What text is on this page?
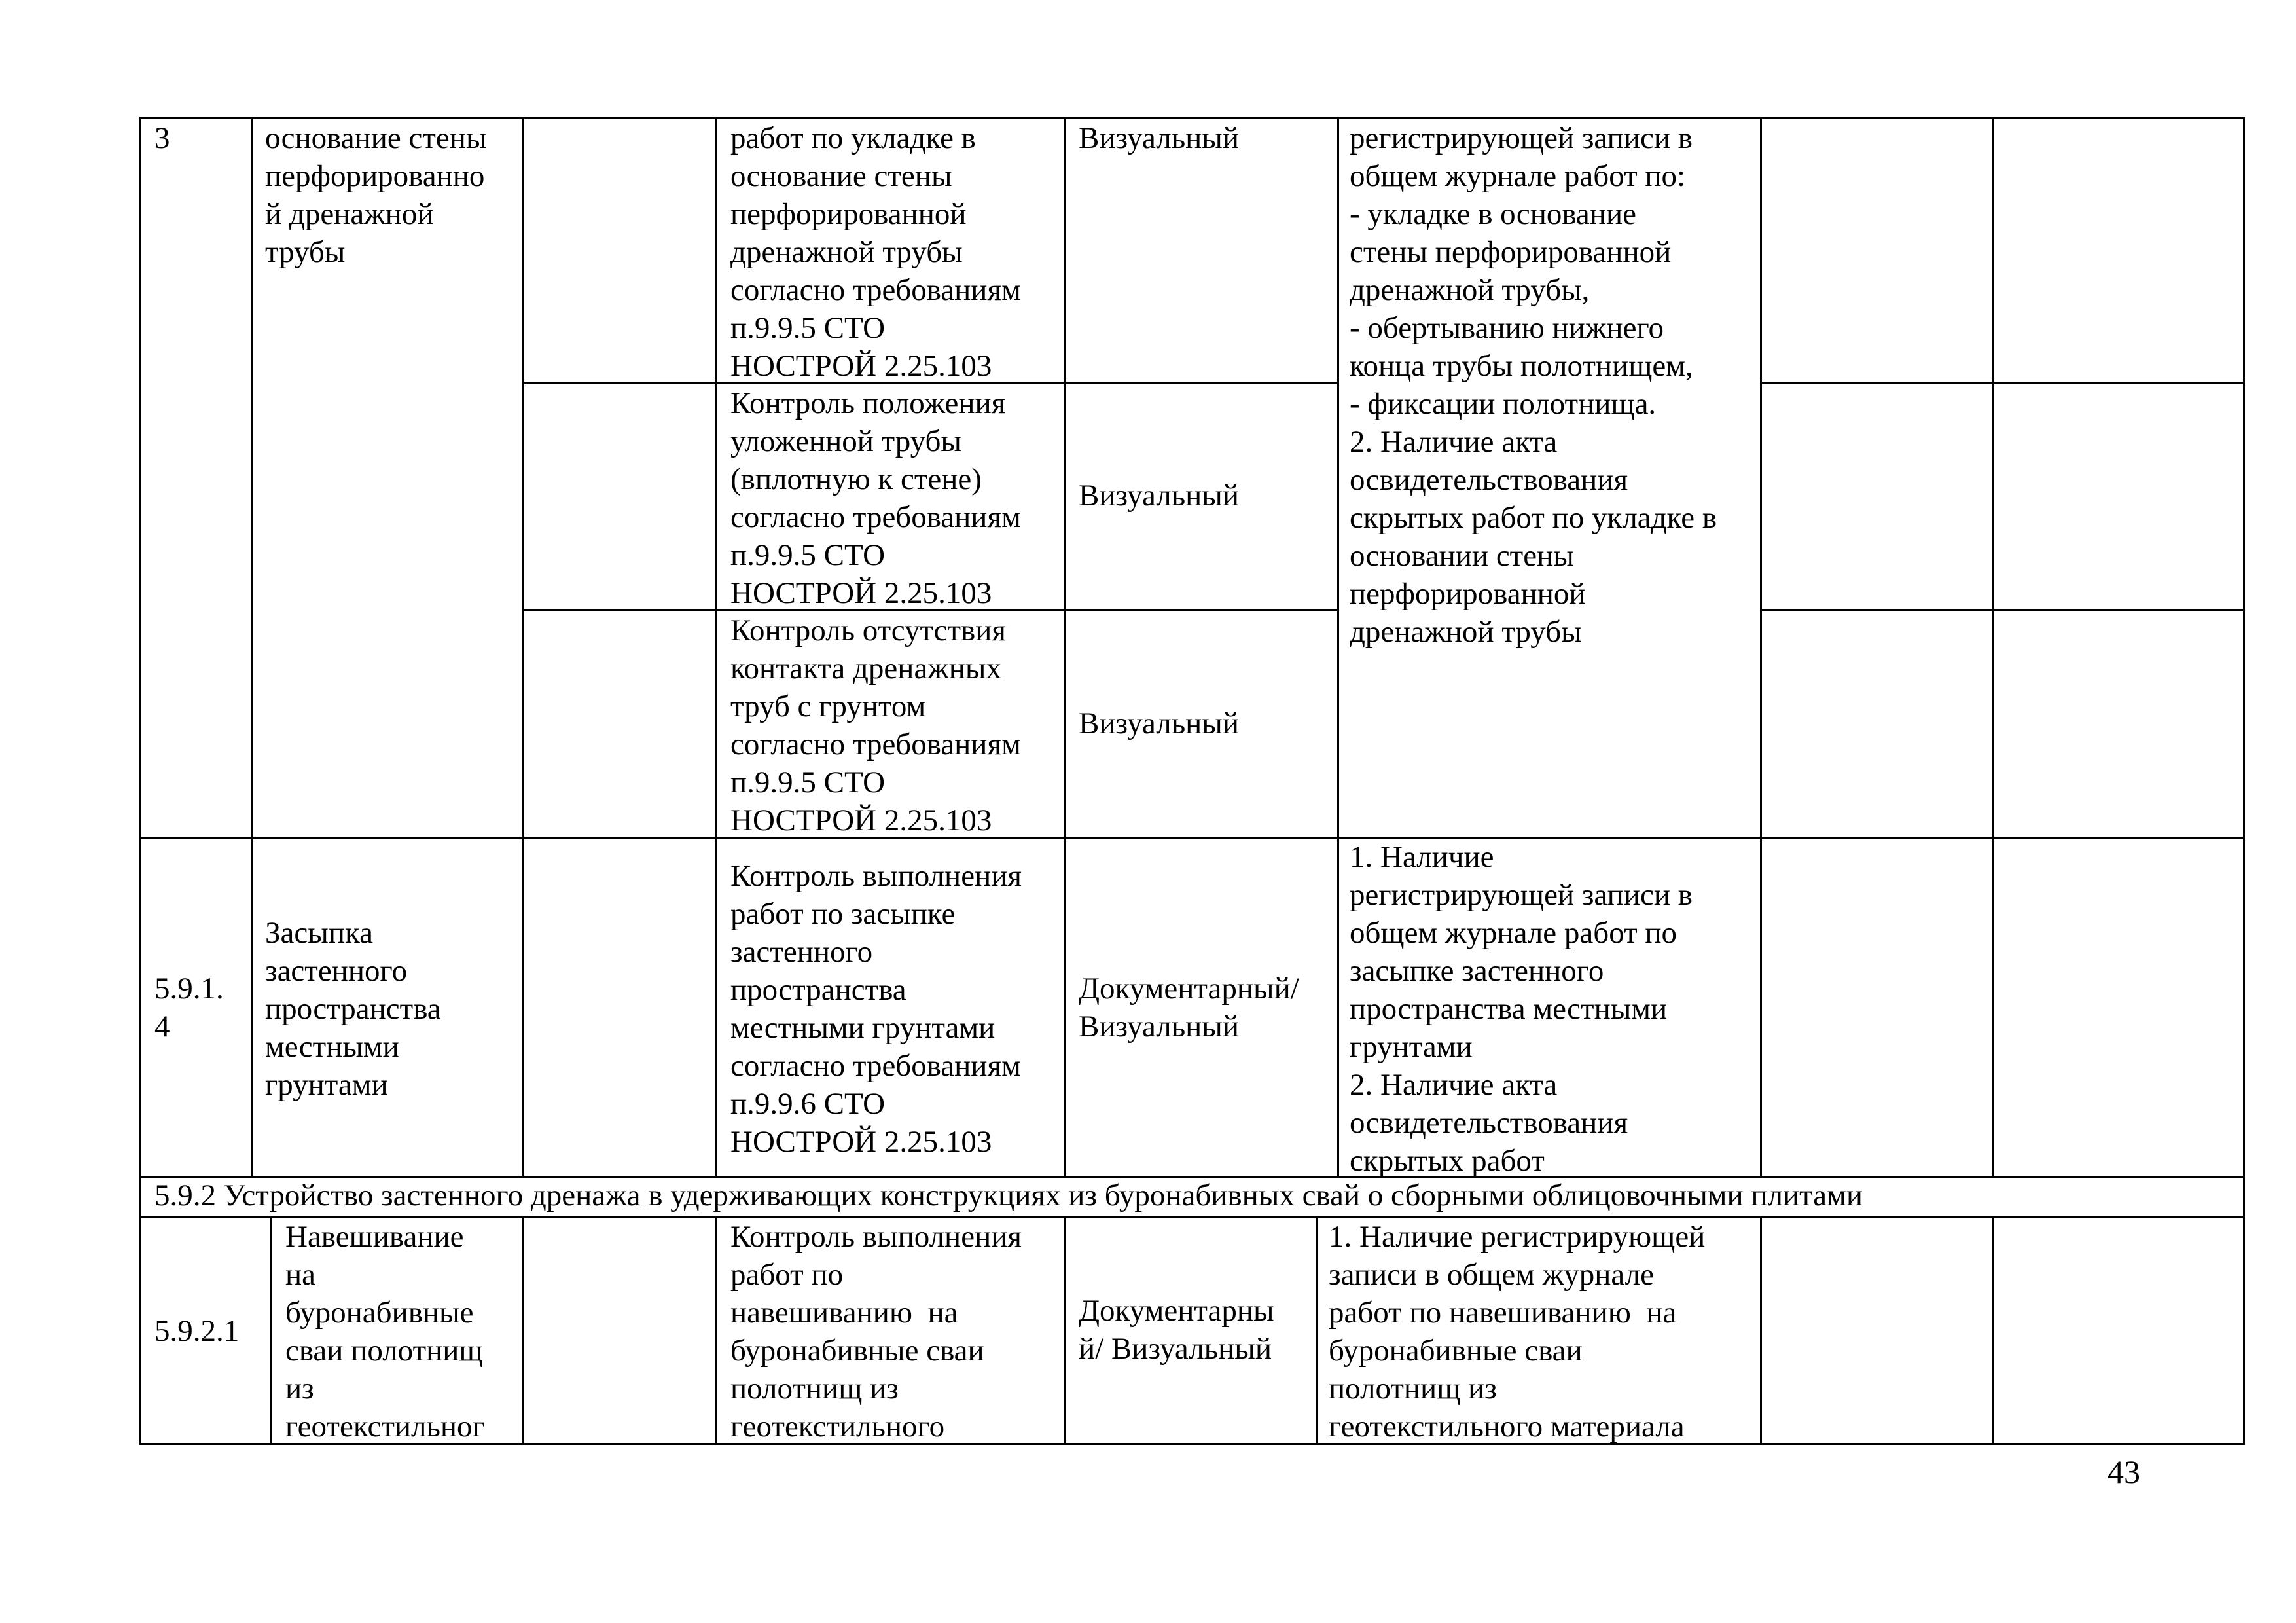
3	основание стены
перфорированно
й дренажной
трубы
работ по укладке в
основание стены
перфорированной
дренажной трубы
согласно требованиям
п.9.9.5 СТО
НОСТРОЙ 2.25.103
Визуальный	регистрирующей записи в
общем журнале работ по:
- укладке в основание
стены перфорированной
дренажной трубы,
- обертыванию нижнего
конца трубы полотнищем,
- фиксации полотнища.
2. Наличие акта
освидетельствования
скрытых работ по укладке в
основании стены
перфорированной
дренажной трубы
Контроль положения
уложенной трубы
(вплотную к стене)
согласно требованиям
п.9.9.5 СТО
НОСТРОЙ 2.25.103
Визуальный
Контроль отсутствия
контакта дренажных
труб с грунтом
согласно требованиям
п.9.9.5 СТО
НОСТРОЙ 2.25.103
Визуальный
5.9.1.
4
Засыпка
застенного
пространства
местными
грунтами
Контроль выполнения
работ по засыпке
застенного
пространства
местными грунтами
согласно требованиям
п.9.9.6 СТО
НОСТРОЙ 2.25.103
Документарный/
Визуальный
1. Наличие
регистрирующей записи в
общем журнале работ по
засыпке застенного
пространства местными
грунтами
2. Наличие акта
освидетельствования
скрытых работ
5.9.2 Устройство застенного дренажа в удерживающих конструкциях из буронабивных свай о сборными облицовочными плитами
5.9.2.1
Навешивание
на
буронабивные
сваи полотнищ
из
геотекстильног
Контроль выполнения
работ по
навешиванию  на
буронабивные сваи
полотнищ из
геотекстильного
Документарны
й/ Визуальный
1. Наличие регистрирующей
записи в общем журнале
работ по навешиванию  на
буронабивные сваи
полотнищ из
геотекстильного материала
43
